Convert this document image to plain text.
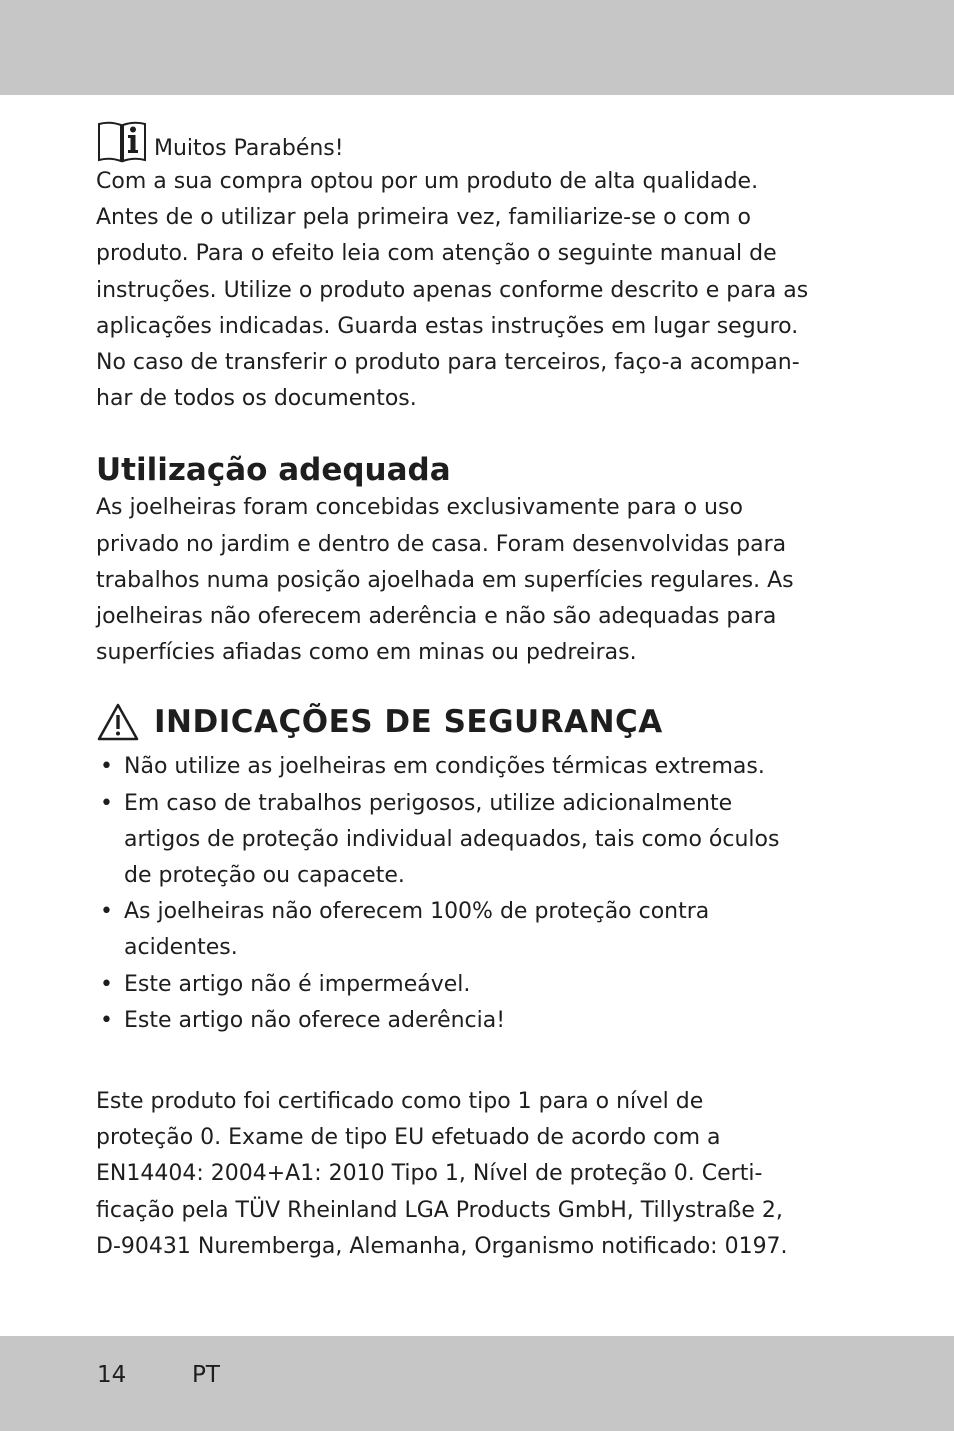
Muitos Parabéns!

Com a sua compra optou por um produto de alta qualidade.
Antes de o utilizar pela primeira vez, familiarize-se o com o
produto. Para o efeito leia com atenção o seguinte manual de
instruções. Utilize o produto apenas conforme descrito e para as
aplicações indicadas. Guarda estas instruções em lugar seguro.
No caso de transferir o produto para terceiros, faço-a acompan-
har de todos os documentos.

Utilização adequada

As joelheiras foram concebidas exclusivamente para o uso
privado no jardim e dentro de casa. Foram desenvolvidas para
trabalhos numa posição ajoelhada em superfícies regulares. As
joelheiras não oferecem aderência e não são adequadas para
superfícies afiadas como em minas ou pedreiras.

INDICAÇÕES DE SEGURANÇA
• Não utilize as joelheiras em condições térmicas extremas.
• Em caso de trabalhos perigosos, utilize adicionalmente
artigos de proteção individual adequados, tais como óculos
de proteção ou capacete.
• As joelheiras não oferecem 100% de proteção contra
acidentes.
• Este artigo não é impermeável.
• Este artigo não oferece aderência!

Este produto foi certificado como tipo 1 para o nível de
proteção 0. Exame de tipo EU efetuado de acordo com a
EN14404: 2004+A1: 2010 Tipo 1, Nível de proteção 0. Certi-
ficação pela TÜV Rheinland LGA Products GmbH, Tillystraße 2,
D-90431 Nuremberga, Alemanha, Organismo notificado: 0197.

14	PT
